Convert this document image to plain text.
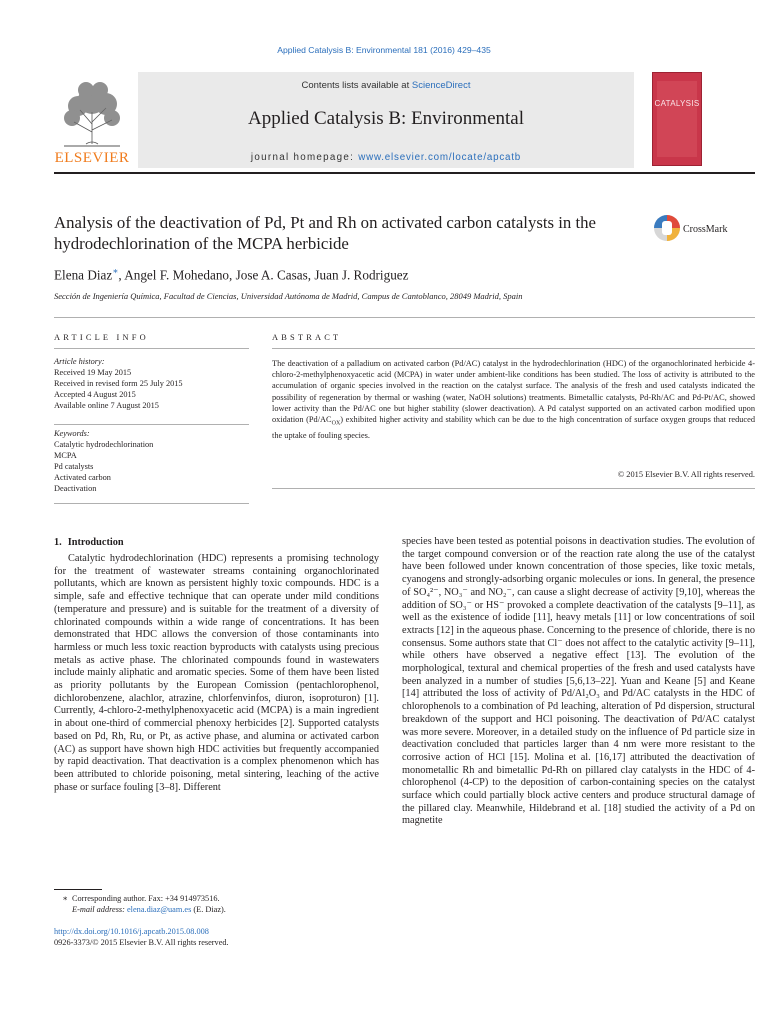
Applied Catalysis B: Environmental 181 (2016) 429–435
ELSEVIER
Contents lists available at ScienceDirect
Applied Catalysis B: Environmental
journal homepage: www.elsevier.com/locate/apcatb
CATALYSIS
Analysis of the deactivation of Pd, Pt and Rh on activated carbon catalysts in the hydrodechlorination of the MCPA herbicide
CrossMark
Elena Diaz∗, Angel F. Mohedano, Jose A. Casas, Juan J. Rodriguez
Sección de Ingeniería Química, Facultad de Ciencias, Universidad Autónoma de Madrid, Campus de Cantoblanco, 28049 Madrid, Spain
ARTICLE INFO	ABSTRACT
Article history:
Received 19 May 2015
Received in revised form 25 July 2015
Accepted 4 August 2015
Available online 7 August 2015
Keywords:
Catalytic hydrodechlorination
MCPA
Pd catalysts
Activated carbon
Deactivation
The deactivation of a palladium on activated carbon (Pd/AC) catalyst in the hydrodechlorination (HDC) of the organochlorinated herbicide 4-chloro-2-methylphenoxyacetic acid (MCPA) in water under ambient-like conditions has been studied. The loss of activity is attributed to the accumulation of organic species involved in the reaction on the catalyst surface. The analysis of the fresh and used catalysts indicated the possibility of regeneration by thermal or washing (water, NaOH solutions) treatments. Bimetallic catalysts, Pd-Rh/AC and Pd-Pt/AC, showed lower activity than the Pd/AC one but higher stability (slower deactivation). A Pd catalyst supported on an activated carbon modified upon oxidation $(Pd/AC_{OX})$ exhibited higher activity and stability which can be due to the high concentration of surface oxygen groups that reduced the uptake of fouling species.
© 2015 Elsevier B.V. All rights reserved.
1. Introduction

Catalytic hydrodechlorination (HDC) represents a promising technology for the treatment of wastewater streams containing organochlorinated pollutants, which are known as persistent highly toxic compounds. HDC is a simple, safe and effective technique that can operate under mild conditions (temperature and pressure) and is suitable for the treatment of a diversity of chlorinated compounds within a wide range of concentrations. It has been demonstrated that HDC allows the conversion of those contaminants into harmless or much less toxic reaction byproducts with catalysts using precious metals as active phase. The chlorinated compounds found in wastewaters include mainly aliphatic and aromatic species. Some of them have been listed as priority pollutants by the European Comission (pentachlorophenol, dichlorobenzene, alachlor, atrazine, chlorfenvinfos, diuron, isoproturon) [1]. Currently, 4-chloro-2-methylphenoxyacetic acid (MCPA) is a main ingredient in about one-third of commercial phenoxy herbicides [2]. Supported catalysts based on Pd, Rh, Ru, or Pt, as active phase, and alumina or activated carbon (AC) as support have shown high HDC activities but frequently accompanied by rapid deactivation. That deactivation is a complex phenomenon which has been attributed to chloride poisoning, metal sintering, leaching of the active phase or surface fouling [3–8]. Different

species have been tested as potential poisons in deactivation studies. The evolution of the target compound conversion or of the reaction rate along the use of the catalyst have been followed under known concentration of those species, like toxic metals, cyanogens and strongly-adsorbing organic molecules or ions. In general, the presence of SO₄²⁻, NO₃⁻ and NO₂⁻, can cause a slight decrease of activity [9,10], whereas the addition of SO₃⁻ or HS⁻ provoked a complete deactivation of the catalysts [9–11], as well as the existence of iodide [11], heavy metals [11] or low concentrations of soil extracts [12] in the aqueous phase. Concerning to the presence of chloride, there is no consensus. Some authors state that Cl⁻ does not affect to the catalytic activity [9–11], while others have observed a negative effect [13]. The evolution of the morphological, textural and chemical properties of the fresh and used catalysts have been analyzed in a number of studies [5,6,13–22]. Yuan and Keane [5] and Keane [14] attributed the loss of activity of Pd/Al₂O₃ and Pd/AC catalysts in the HDC of chlorophenols to a combination of Pd leaching, alteration of Pd dispersion, structural breakdown of the support and HCl poisoning. The deactivation of Pd/AC catalyst was more severe. Moreover, in a detailed study on the influence of Pd particle size in deactivation concluded that particles larger than 4 nm were more resistant to the corrosive action of HCl [15]. Molina et al. [16,17] attributed the deactivation of monometallic Rh and bimetallic Pd-Rh on pillared clay catalysts in the HDC of 4-chlorophenol (4-CP) to the deposition of carbon-containing species on the catalyst surface which could partially block active centers and produce structural damage of the pillared clay. Meanwhile, Hildebrand et al. [18] studied the activity of a Pd on magnetite

∗ Corresponding author. Fax: +34 914973516.
E-mail address: elena.diaz@uam.es (E. Diaz).
http://dx.doi.org/10.1016/j.apcatb.2015.08.008
0926-3373/© 2015 Elsevier B.V. All rights reserved.
